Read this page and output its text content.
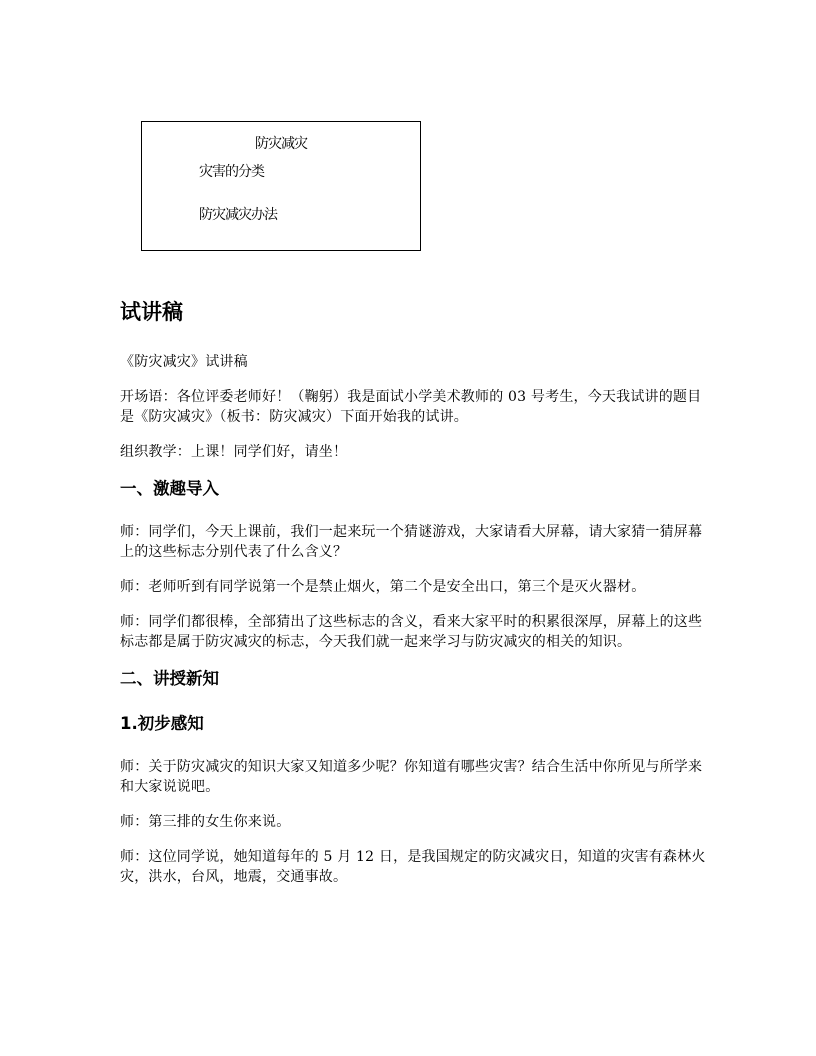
防灾减灾
灾害的分类
防灾减灾办法
试讲稿

《防灾减灾》试讲稿

开场语：各位评委老师好！（鞠躬）我是面试小学美术教师的 03 号考生，今天我试讲的题目是《防灾减灾》（板书：防灾减灾）下面开始我的试讲。

组织教学：上课！同学们好，请坐！

一、激趣导入

师：同学们，今天上课前，我们一起来玩一个猜谜游戏，大家请看大屏幕，请大家猜一猜屏幕上的这些标志分别代表了什么含义？

师：老师听到有同学说第一个是禁止烟火，第二个是安全出口，第三个是灭火器材。

师：同学们都很棒，全部猜出了这些标志的含义，看来大家平时的积累很深厚，屏幕上的这些标志都是属于防灾减灾的标志，今天我们就一起来学习与防灾减灾的相关的知识。

二、讲授新知
1.初步感知

师：关于防灾减灾的知识大家又知道多少呢？你知道有哪些灾害？结合生活中你所见与所学来和大家说说吧。

师：第三排的女生你来说。

师：这位同学说，她知道每年的 5 月 12 日，是我国规定的防灾减灾日，知道的灾害有森林火灾，洪水，台风，地震，交通事故。
